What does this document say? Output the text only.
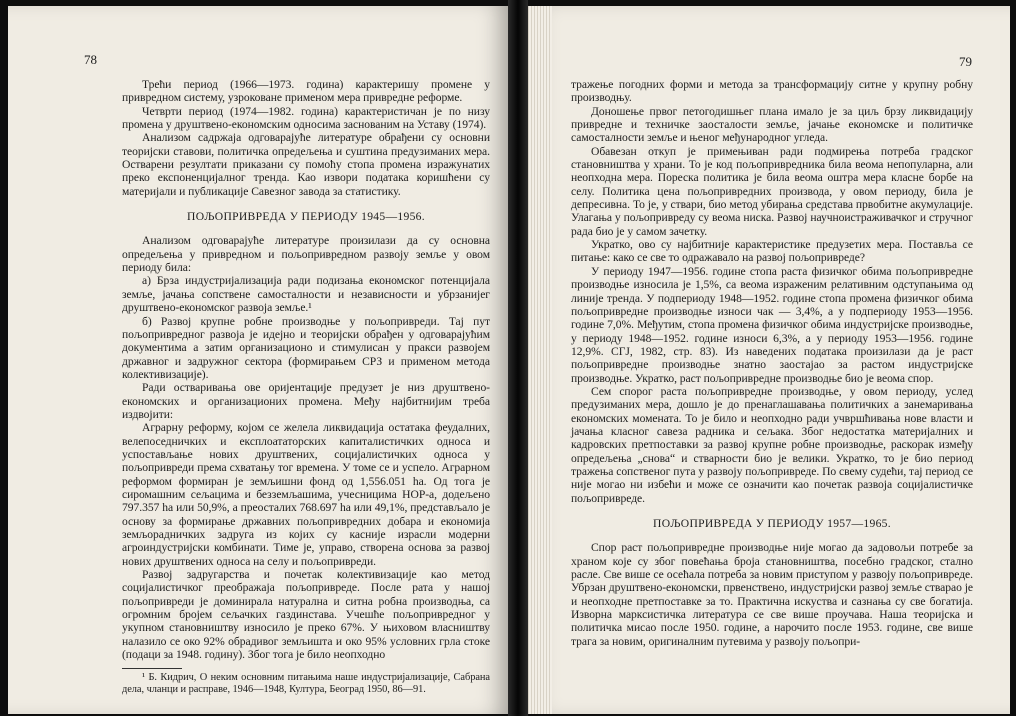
78

Трећи период (1966—1973. година) карактеришу промене у привредном систему, узроковане применом мера привредне реформе.

Четврти период (1974—1982. година) карактеристичан је по низу промена у друштвено-економским односима заснованим на Уставу (1974).

Анализом садржаја одговарајуће литературе обрађени су основни теоријски ставови, политичка опредељења и суштина предузиманих мера. Остварени резултати приказани су помоћу стопа промена изражунатих преко експоненцијалног тренда. Као извори података коришћени су материјали и публикације Савезног завода за статистику.

ПОЉОПРИВРЕДА У ПЕРИОДУ 1945—1956.

Анализом одговарајуће литературе произилази да су основна опредељења у привредном и пољопривредном развоју земље у овом периоду била:

а) Брза индустријализација ради подизања економског потенцијала земље, јачања сопствене самосталности и независности и убрзанијег друштвено-економског развоја земље.¹

б) Развој крупне робне производње у пољопривреди. Тај пут пољопривредног развоја је идејно и теоријски обрађен у одговарајућим документима а затим организационо и стимулисан у пракси развојем државног и задружног сектора (формирањем СРЗ и применом метода колективизације).

Ради остваривања ове оријентације предузет је низ друштвено-економских и организационих промена. Међу најбитнијим треба издвојити:

Аграрну реформу, којом се желела ликвидација остатака феудалних, велепоседничких и експлоататорских капиталистичких односа и успостављање нових друштвених, социјалистичких односа у пољопривреди према схватању тог времена. У томе се и успело. Аграрном реформом формиран је земљишни фонд од 1,556.051 ha. Од тога је сиромашним сељацима и безземљашима, учесницима НОР-а, додељено 797.357 ha или 50,9%, а преосталих 768.697 ha или 49,1%, представљало је основу за формирање државних пољопривредних добара и економија земљорадничких задруга из којих су касније израсли модерни агроиндустријски комбинати. Тиме је, управо, створена основа за развој нових друштвених односа на селу и пољопривреди.

Развој задругарства и почетак колективизације као метод социјалистичког преображаја пољопривреде. После рата у нашој пољопривреди је доминирала натурална и ситна робна производња, са огромним бројем сељачких газдинстава. Учешће пољопривредног у укупном становништву износило је преко 67%. У њиховом власништву налазило се око 92% обрадивог земљишта и око 95% условних грла стоке (подаци за 1948. годину). Због тога је било неопходно

¹ Б. Кидрич, О неким основним питањима наше индустријализације, Сабрана дела, чланци и расправе, 1946—1948, Култура, Београд 1950, 86—91.

79

тражење погодних форми и метода за трансформацију ситне у крупну робну производњу.

Доношење првог петогодишњег плана имало је за циљ брзу ликвидацију привредне и техничке заосталости земље, јачање економске и политичке самосталности земље и њеног међународног угледа.

Обавезан откуп је примењиван ради подмирења потреба градског становништва у храни. То је код пољопривредника била веома непопуларна, али неопходна мера. Пореска политика је била веома оштра мера класне борбе на селу. Политика цена пољопривредних производа, у овом периоду, била је депресивна. То је, у ствари, био метод убирања средстава првобитне акумулације. Улагања у пољопривреду су веома ниска. Развој научноистраживачког и стручног рада био је у самом зачетку.

Укратко, ово су најбитније карактеристике предузетих мера. Поставља се питање: како се све то одражавало на развој пољопривреде?

У периоду 1947—1956. године стопа раста физичког обима пољопривредне производње износила је 1,5%, са веома израженим релативним одступањима од линије тренда. У подпериоду 1948—1952. године стопа промена физичког обима пољопривредне производње износи чак — 3,4%, а у подпериоду 1953—1956. године 7,0%. Међутим, стопа промена физичког обима индустријске производње, у периоду 1948—1952. године износи 6,3%, а у периоду 1953—1956. године 12,9%. СГЈ, 1982, стр. 83). Из наведених података произилази да је раст пољопривредне производње знатно заостајао за растом индустријске производње. Укратко, раст пољопривредне производње био је веома спор.

Сем спорог раста пољопривредне производње, у овом периоду, услед предузиманих мера, дошло је до пренаглашавања политичких а занемаривања економских момената. То је било и неопходно ради учвршћивања нове власти и јачања класног савеза радника и сељака. Због недостатка материјалних и кадровских претпоставки за развој крупне робне производње, раскорак између опредељења „снова“ и стварности био је велики. Укратко, то је био период тражења сопственог пута у развоју пољопривреде. По свему судећи, тај период се није могао ни избећи и може се означити као почетак развоја социјалистичке пољопривреде.

ПОЉОПРИВРЕДА У ПЕРИОДУ 1957—1965.

Спор раст пољопривредне производње није могао да задовољи потребе за храном које су због повећања броја становништва, посебно градског, стално расле. Све више се осећала потреба за новим приступом у развоју пољопривреде. Убрзан друштвено-економски, првенствено, индустријски развој земље стварао је и неопходне претпоставке за то. Практична искуства и сазнања су све богатија. Изворна марксистичка литература се све више проучава. Наша теоријска и политичка мисао после 1950. године, а нарочито после 1953. године, све више трага за новим, оригиналним путевима у развоју пољопри-
